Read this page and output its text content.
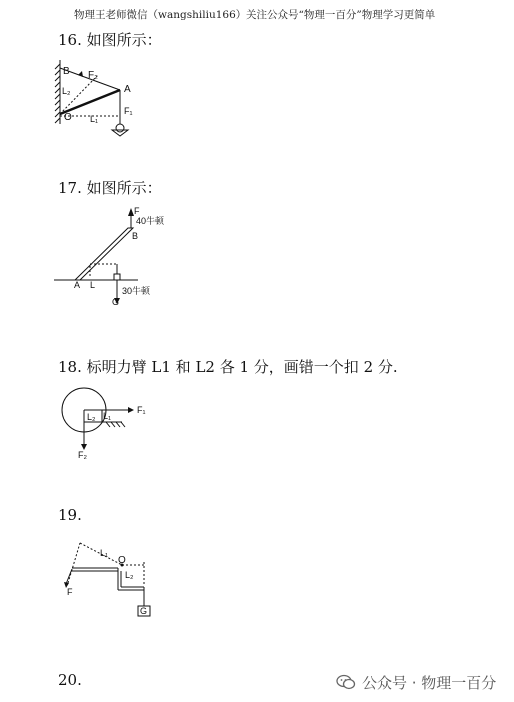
物理王老师微信（wangshiliu166） 关注公众号“物理一百分”物理学习更简单
16. 如图所示：
B F₂
L₂	A
O L₁
F₁
17. 如图所示：
F
40牛顿
B
A L
30牛顿
G
18. 标明力臂 L1 和 L2 各 1 分，画错一个扣 2 分.
L₂ L₁
F₁
F₂
19.
L₁
O
L₂
F
G
20.	公众号 · 物理一百分
